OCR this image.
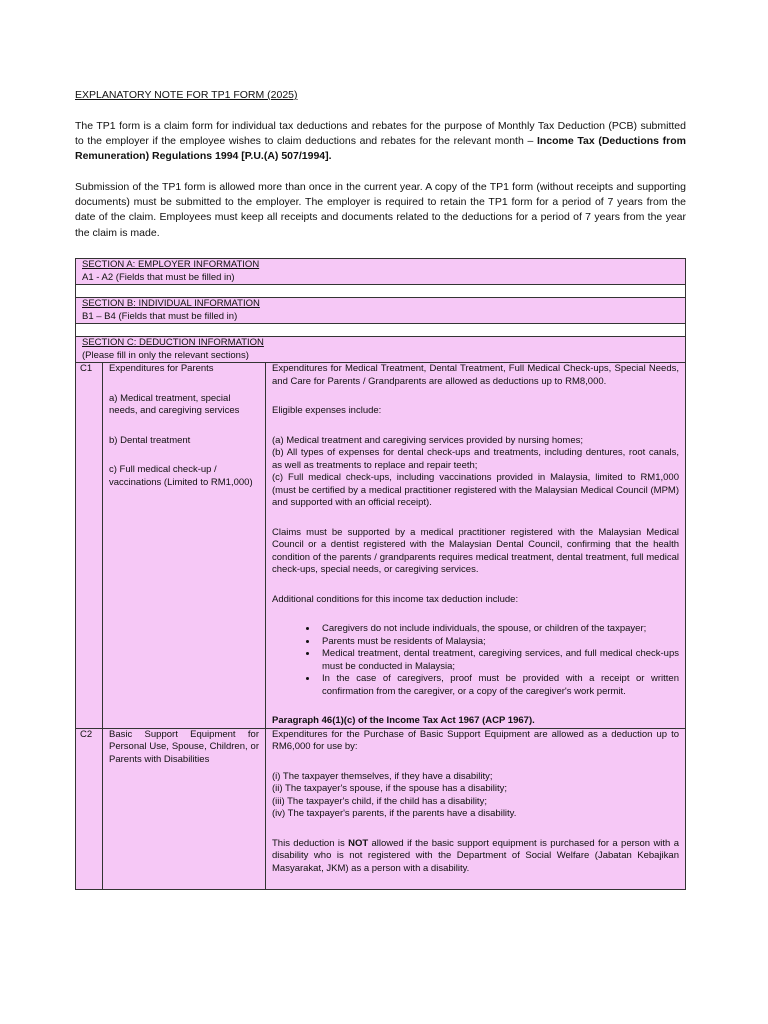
EXPLANATORY NOTE FOR TP1 FORM (2025)
The TP1 form is a claim form for individual tax deductions and rebates for the purpose of Monthly Tax Deduction (PCB) submitted to the employer if the employee wishes to claim deductions and rebates for the relevant month – Income Tax (Deductions from Remuneration) Regulations 1994 [P.U.(A) 507/1994].
Submission of the TP1 form is allowed more than once in the current year. A copy of the TP1 form (without receipts and supporting documents) must be submitted to the employer. The employer is required to retain the TP1 form for a period of 7 years from the date of the claim. Employees must keep all receipts and documents related to the deductions for a period of 7 years from the year the claim is made.
SECTION A: EMPLOYER INFORMATION
A1 - A2 (Fields that must be filled in)
SECTION B: INDIVIDUAL INFORMATION
B1 – B4 (Fields that must be filled in)
SECTION C: DEDUCTION INFORMATION
(Please fill in only the relevant sections)
C1	Expenditures for Parents
a) Medical treatment, special needs, and caregiving services
b) Dental treatment
c) Full medical check-up / vaccinations (Limited to RM1,000)
Expenditures for Medical Treatment, Dental Treatment, Full Medical Check-ups, Special Needs, and Care for Parents / Grandparents are allowed as deductions up to RM8,000.
Eligible expenses include:
(a) Medical treatment and caregiving services provided by nursing homes;
(b) All types of expenses for dental check-ups and treatments, including dentures, root canals, as well as treatments to replace and repair teeth;
(c) Full medical check-ups, including vaccinations provided in Malaysia, limited to RM1,000 (must be certified by a medical practitioner registered with the Malaysian Medical Council (MPM) and supported with an official receipt).
Claims must be supported by a medical practitioner registered with the Malaysian Medical Council or a dentist registered with the Malaysian Dental Council, confirming that the health condition of the parents / grandparents requires medical treatment, dental treatment, full medical check-ups, special needs, or caregiving services.
Additional conditions for this income tax deduction include:
• Caregivers do not include individuals, the spouse, or children of the taxpayer;
• Parents must be residents of Malaysia;
• Medical treatment, dental treatment, caregiving services, and full medical check-ups must be conducted in Malaysia;
• In the case of caregivers, proof must be provided with a receipt or written confirmation from the caregiver, or a copy of the caregiver's work permit.
Paragraph 46(1)(c) of the Income Tax Act 1967 (ACP 1967).
C2	Basic Support Equipment for Personal Use, Spouse, Children, or Parents with Disabilities
Expenditures for the Purchase of Basic Support Equipment are allowed as a deduction up to RM6,000 for use by:
(i) The taxpayer themselves, if they have a disability;
(ii) The taxpayer's spouse, if the spouse has a disability;
(iii) The taxpayer's child, if the child has a disability;
(iv) The taxpayer's parents, if the parents have a disability.
This deduction is NOT allowed if the basic support equipment is purchased for a person with a disability who is not registered with the Department of Social Welfare (Jabatan Kebajikan Masyarakat, JKM) as a person with a disability.
